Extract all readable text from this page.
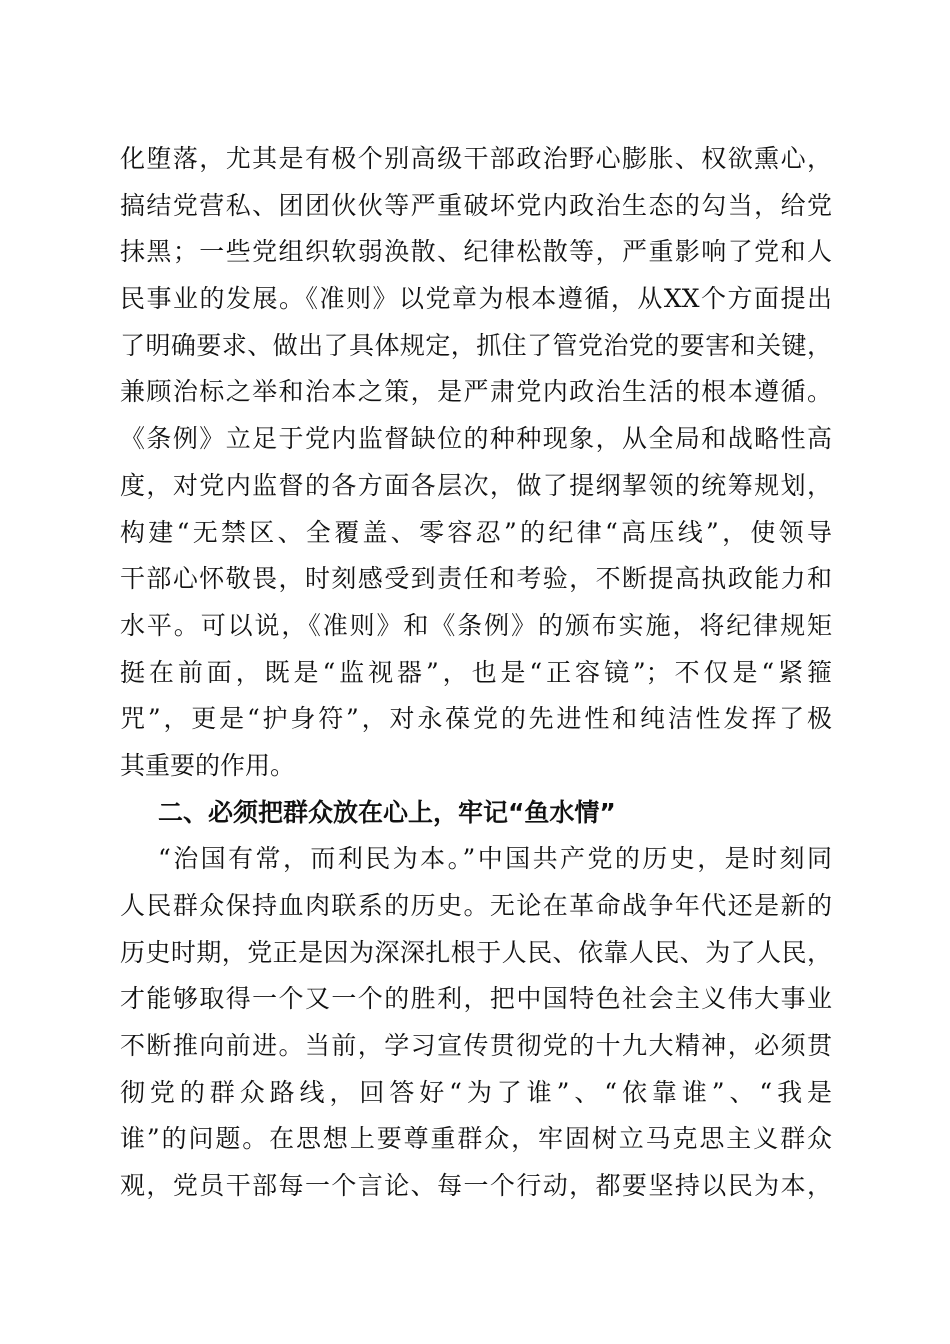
化堕落，尤其是有极个别高级干部政治野心膨胀、权欲熏心，
搞结党营私、团团伙伙等严重破坏党内政治生态的勾当，给党
抹黑；一些党组织软弱涣散、纪律松散等，严重影响了党和人
民事业的发展。《准则》以党章为根本遵循，从XX个方面提出
了明确要求、做出了具体规定，抓住了管党治党的要害和关键，
兼顾治标之举和治本之策，是严肃党内政治生活的根本遵循。
《条例》立足于党内监督缺位的种种现象，从全局和战略性高
度，对党内监督的各方面各层次，做了提纲挈领的统筹规划，
构建“无禁区、全覆盖、零容忍”的纪律“高压线”，使领导
干部心怀敬畏，时刻感受到责任和考验，不断提高执政能力和
水平。可以说，《准则》和《条例》的颁布实施，将纪律规矩
挺在前面，既是“监视器”，也是“正容镜”；不仅是“紧箍
咒”，更是“护身符”，对永葆党的先进性和纯洁性发挥了极
其重要的作用。
二、必须把群众放在心上，牢记“鱼水情”
“治国有常，而利民为本。”中国共产党的历史，是时刻同
人民群众保持血肉联系的历史。无论在革命战争年代还是新的
历史时期，党正是因为深深扎根于人民、依靠人民、为了人民，
才能够取得一个又一个的胜利，把中国特色社会主义伟大事业
不断推向前进。当前，学习宣传贯彻党的十九大精神，必须贯
彻党的群众路线，回答好“为了谁”、“依靠谁”、“我是
谁”的问题。在思想上要尊重群众，牢固树立马克思主义群众
观，党员干部每一个言论、每一个行动，都要坚持以民为本，
